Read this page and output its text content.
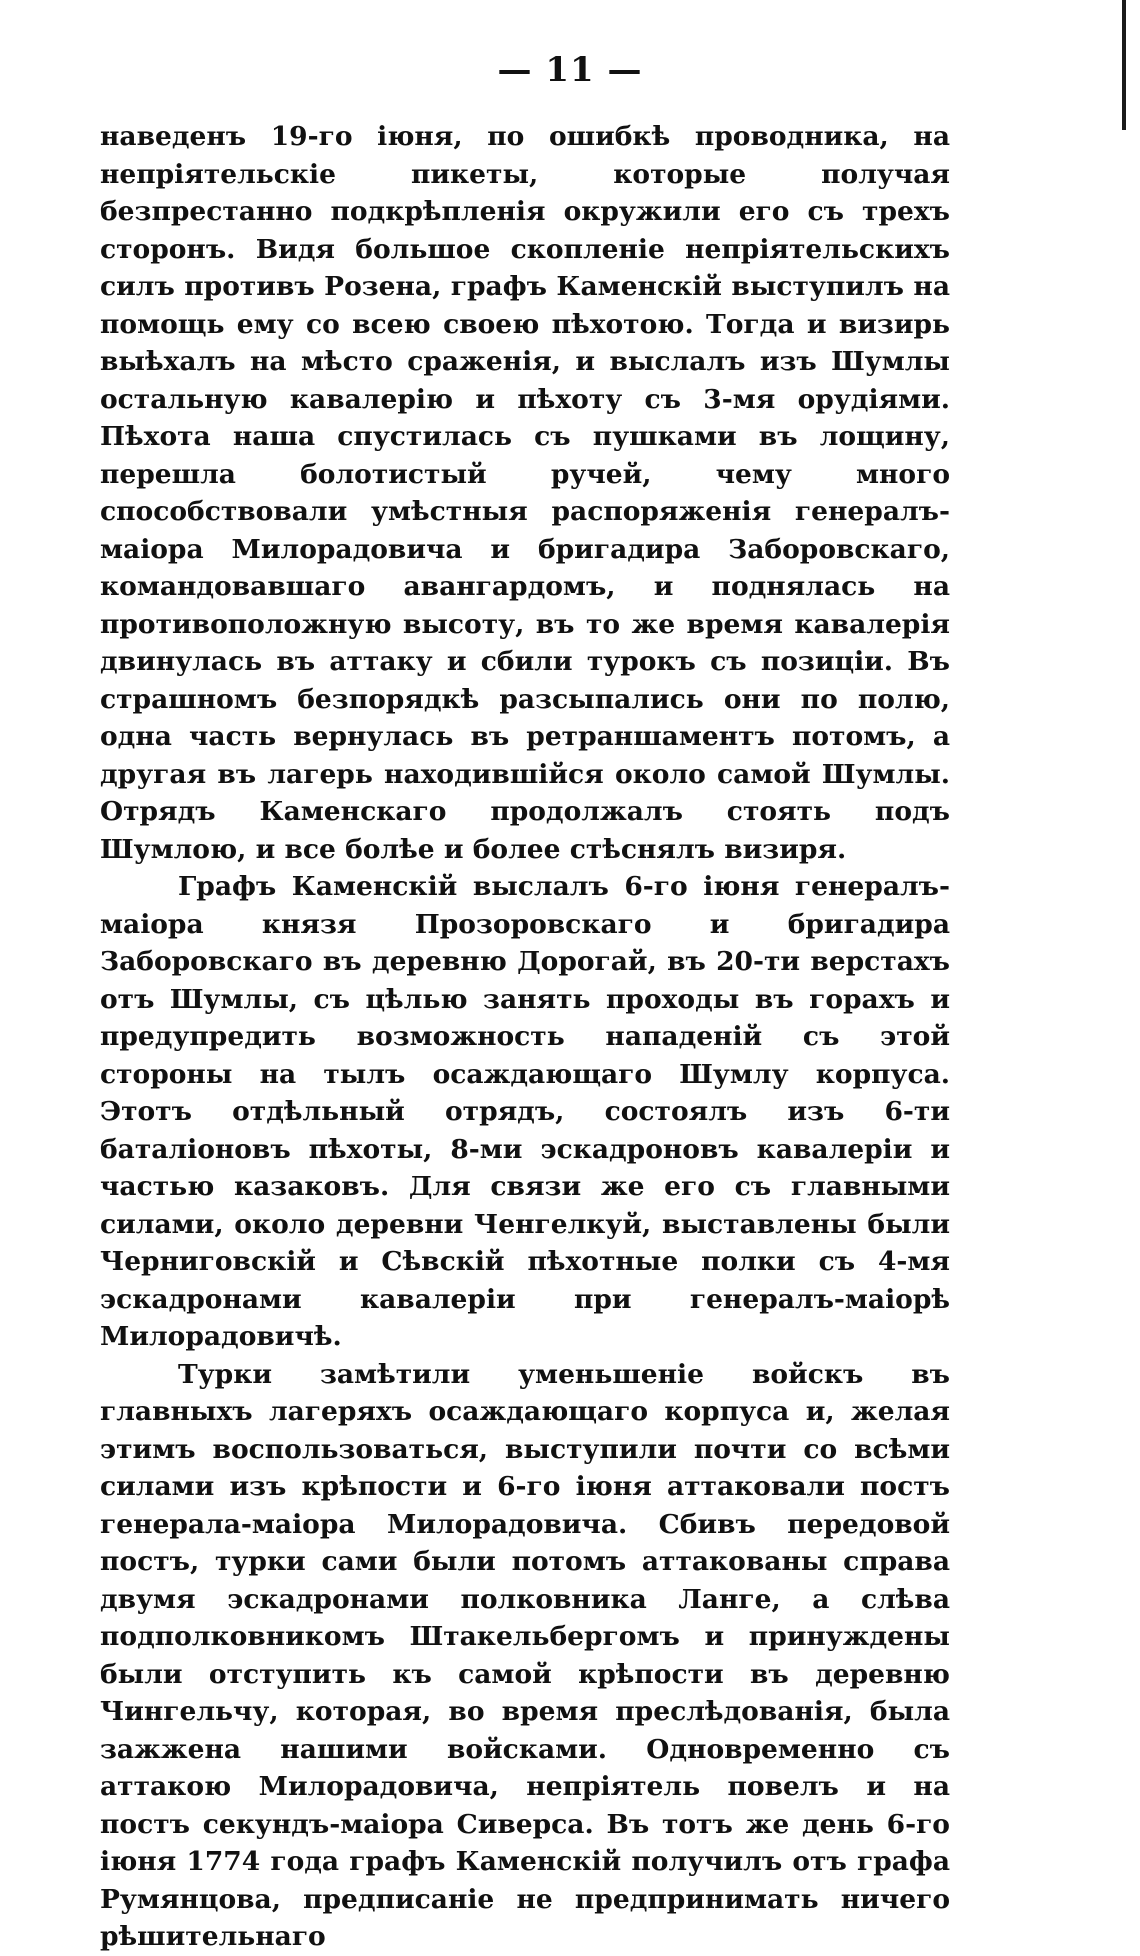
— 11 —

наведенъ 19-го іюня, по ошибкѣ проводника, на непріятельскіе пикеты, которые получая безпрестанно подкрѣпленія окружили его съ трехъ сторонъ. Видя большое скопленіе непріятельскихъ силъ противъ Розена, графъ Каменскій выступилъ на помощь ему со всею своею пѣхотою. Тогда и визирь выѣхалъ на мѣсто сраженія, и выслалъ изъ Шумлы остальную кавалерію и пѣхоту съ 3-мя орудіями. Пѣхота наша спустилась съ пушками въ лощину, перешла болотистый ручей, чему много способствовали умѣстныя распоряженія генералъ-маіора Милорадовича и бригадира Заборовскаго, командовавшаго авангардомъ, и поднялась на противоположную высоту, въ то же время кавалерія двинулась въ аттаку и сбили турокъ съ позиціи. Въ страшномъ безпорядкѣ разсыпались они по полю, одна часть вернулась въ ретраншаментъ потомъ, а другая въ лагерь находившійся около самой Шумлы. Отрядъ Каменскаго продолжалъ стоять подъ Шумлою, и все болѣе и более стѣснялъ визиря.

Графъ Каменскій выслалъ 6-го іюня генералъ-маіора князя Прозоровскаго и бригадира Заборовскаго въ деревню Дорогай, въ 20-ти верстахъ отъ Шумлы, съ цѣлью занять проходы въ горахъ и предупредить возможность нападеній съ этой стороны на тылъ осаждающаго Шумлу корпуса. Этотъ отдѣльный отрядъ, состоялъ изъ 6-ти баталіоновъ пѣхоты, 8-ми эскадроновъ кавалеріи и частью казаковъ. Для связи же его съ главными силами, около деревни Ченгелкуй, выставлены были Черниговскій и Сѣвскій пѣхотные полки съ 4-мя эскадронами кавалеріи при генералъ-маіорѣ Милорадовичѣ.

Турки замѣтили уменьшеніе войскъ въ главныхъ лагеряхъ осаждающаго корпуса и, желая этимъ воспользоваться, выступили почти со всѣми силами изъ крѣпости и 6-го іюня аттаковали постъ генерала-маіора Милорадовича. Сбивъ передовой постъ, турки сами были потомъ аттакованы справа двумя эскадронами полковника Ланге, а слѣва подполковникомъ Штакельбергомъ и принуждены были отступить къ самой крѣпости въ деревню Чингельчу, которая, во время преслѣдованія, была зажжена нашими войсками. Одновременно съ аттакою Милорадовича, непріятель повелъ и на постъ секундъ-маіора Сиверса. Въ тотъ же день 6-го іюня 1774 года графъ Каменскій получилъ отъ графа Румянцова, предписаніе не предпринимать ничего рѣшительнаго
